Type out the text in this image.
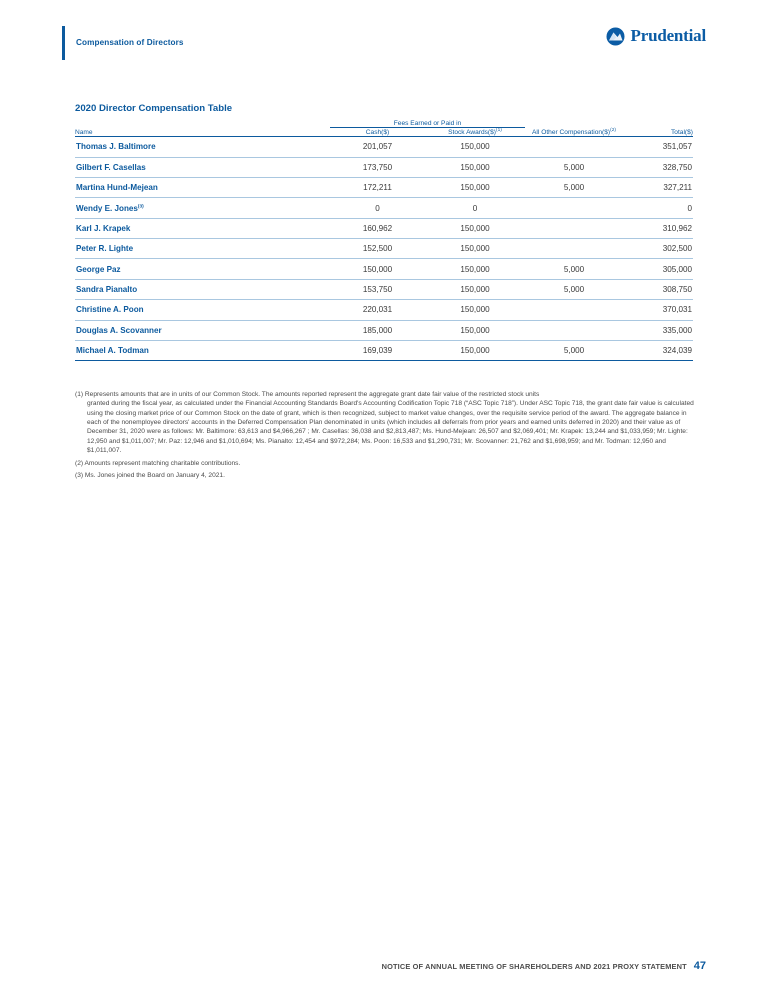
Compensation of Directors	Prudential
2020 Director Compensation Table
	Fees Earned or Paid in			
Name	Cash($)	Stock Awards($)$^{(1)}$	All Other Compensation($)$^{(2)}$	Total($)
Thomas J. Baltimore	201,057	150,000		351,057
Gilbert F. Casellas	173,750	150,000	5,000	328,750
Martina Hund-Mejean	172,211	150,000	5,000	327,211
Wendy E. Jones$^{(3)}$	0	0		0
Karl J. Krapek	160,962	150,000		310,962
Peter R. Lighte	152,500	150,000		302,500
George Paz	150,000	150,000	5,000	305,000
Sandra Pianalto	153,750	150,000	5,000	308,750
Christine A. Poon	220,031	150,000		370,031
Douglas A. Scovanner	185,000	150,000		335,000
Michael A. Todman	169,039	150,000	5,000	324,039
(1) Represents amounts that are in units of our Common Stock. The amounts reported represent the aggregate grant date fair value of the restricted stock units
granted during the fiscal year, as calculated under the Financial Accounting Standards Board's Accounting Codification Topic 718 (“ASC Topic 718”). Under ASC Topic 718, the grant date fair value is calculated using the closing market price of our Common Stock on the date of grant, which is then recognized, subject to market value changes, over the requisite service period of the award. The aggregate balance in each of the nonemployee directors' accounts in the Deferred Compensation Plan denominated in units (which includes all deferrals from prior years and earned units deferred in 2020) and their value as of December 31, 2020 were as follows: Mr. Baltimore: 63,613 and $4,966,267 ; Mr. Casellas: 36,038 and $2,813,487; Ms. Hund-Mejean: 26,507 and $2,069,401; Mr. Krapek: 13,244 and $1,033,959; Mr. Lighte: 12,950 and $1,011,007; Mr. Paz: 12,946 and $1,010,694; Ms. Pianalto: 12,454 and $972,284; Ms. Poon: 16,533 and $1,290,731; Mr. Scovanner: 21,762 and $1,698,959; and Mr. Todman: 12,950 and $1,011,007.
(2) Amounts represent matching charitable contributions.
(3) Ms. Jones joined the Board on January 4, 2021.
NOTICE OF ANNUAL MEETING OF SHAREHOLDERS AND 2021 PROXY STATEMENT 47
